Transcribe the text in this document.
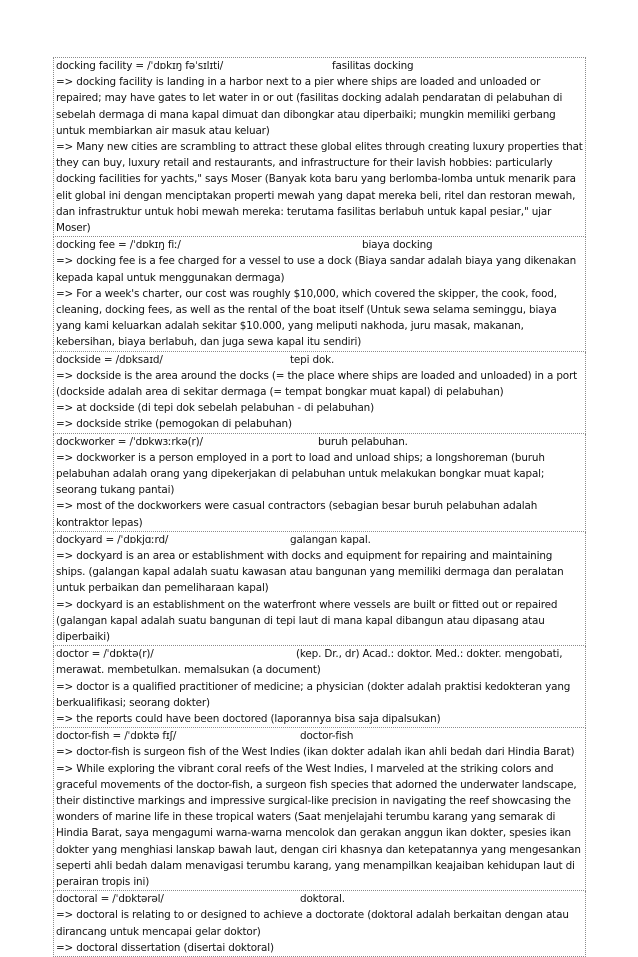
docking facility = /ˈdɒkɪŋ fəˈsɪlɪti/	fasilitas docking
=> docking facility is landing in a harbor next to a pier where ships are loaded and unloaded or repaired; may have gates to let water in or out (fasilitas docking adalah pendaratan di pelabuhan di sebelah dermaga di mana kapal dimuat dan dibongkar atau diperbaiki; mungkin memiliki gerbang untuk membiarkan air masuk atau keluar)
=> Many new cities are scrambling to attract these global elites through creating luxury properties that they can buy, luxury retail and restaurants, and infrastructure for their lavish hobbies: particularly docking facilities for yachts," says Moser (Banyak kota baru yang berlomba-lomba untuk menarik para elit global ini dengan menciptakan properti mewah yang dapat mereka beli, ritel dan restoran mewah, dan infrastruktur untuk hobi mewah mereka: terutama fasilitas berlabuh untuk kapal pesiar," ujar Moser)
docking fee = /ˈdɒkɪŋ fiː/	biaya docking
=> docking fee is a fee charged for a vessel to use a dock (Biaya sandar adalah biaya yang dikenakan kepada kapal untuk menggunakan dermaga)
=> For a week's charter, our cost was roughly $10,000, which covered the skipper, the cook, food, cleaning, docking fees, as well as the rental of the boat itself (Untuk sewa selama seminggu, biaya yang kami keluarkan adalah sekitar $10.000, yang meliputi nakhoda, juru masak, makanan, kebersihan, biaya berlabuh, dan juga sewa kapal itu sendiri)
dockside = /dɒksaɪd/	tepi dok.
=> dockside is the area around the docks (= the place where ships are loaded and unloaded) in a port (dockside adalah area di sekitar dermaga (= tempat bongkar muat kapal) di pelabuhan)
=> at dockside (di tepi dok sebelah pelabuhan - di pelabuhan)
=> dockside strike (pemogokan di pelabuhan)
dockworker = /ˈdɒkwɜːrkə(r)/	buruh pelabuhan.
=> dockworker is a person employed in a port to load and unload ships; a longshoreman (buruh pelabuhan adalah orang yang dipekerjakan di pelabuhan untuk melakukan bongkar muat kapal; seorang tukang pantai)
=> most of the dockworkers were casual contractors (sebagian besar buruh pelabuhan adalah kontraktor lepas)
dockyard = /ˈdɒkjɑːrd/	galangan kapal.
=> dockyard is an area or establishment with docks and equipment for repairing and maintaining ships. (galangan kapal adalah suatu kawasan atau bangunan yang memiliki dermaga dan peralatan untuk perbaikan dan pemeliharaan kapal)
=> dockyard is an establishment on the waterfront where vessels are built or fitted out or repaired (galangan kapal adalah suatu bangunan di tepi laut di mana kapal dibangun atau dipasang atau diperbaiki)
doctor = /ˈdɒktə(r)/	(kep. Dr., dr) Acad.: doktor. Med.: dokter. mengobati, merawat. membetulkan. memalsukan (a document)
=> doctor is a qualified practitioner of medicine; a physician (dokter adalah praktisi kedokteran yang berkualifikasi; seorang dokter)
=> the reports could have been doctored (laporannya bisa saja dipalsukan)
doctor-fish = /ˈdɒktə fɪʃ/	doctor-fish
=> doctor-fish is surgeon fish of the West Indies (ikan dokter adalah ikan ahli bedah dari Hindia Barat)
=> While exploring the vibrant coral reefs of the West Indies, I marveled at the striking colors and graceful movements of the doctor-fish, a surgeon fish species that adorned the underwater landscape, their distinctive markings and impressive surgical-like precision in navigating the reef showcasing the wonders of marine life in these tropical waters (Saat menjelajahi terumbu karang yang semarak di Hindia Barat, saya mengagumi warna-warna mencolok dan gerakan anggun ikan dokter, spesies ikan dokter yang menghiasi lanskap bawah laut, dengan ciri khasnya dan ketepatannya yang mengesankan seperti ahli bedah dalam menavigasi terumbu karang, yang menampilkan keajaiban kehidupan laut di perairan tropis ini)
doctoral = /ˈdɒktərəl/	doktoral.
=> doctoral is relating to or designed to achieve a doctorate (doktoral adalah berkaitan dengan atau dirancang untuk mencapai gelar doktor)
=> doctoral dissertation (disertai doktoral)
